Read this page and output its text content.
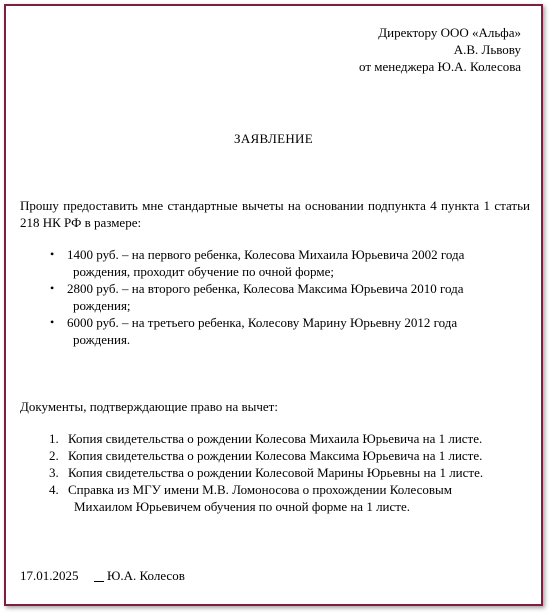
Директору ООО «Альфа»
А.В. Львову
от менеджера Ю.А. Колесова
ЗАЯВЛЕНИЕ
Прошу предоставить мне стандартные вычеты на основании подпункта 4 пункта 1 статьи 218 НК РФ в размере:
• 1400 руб. – на первого ребенка, Колесова Михаила Юрьевича 2002 года
рождения, проходит обучение по очной форме;
• 2800 руб. – на второго ребенка, Колесова Максима Юрьевича 2010 года
рождения;
• 6000 руб. – на третьего ребенка, Колесову Марину Юрьевну 2012 года
рождения.
Документы, подтверждающие право на вычет:
1. Копия свидетельства о рождении Колесова Михаила Юрьевича на 1 листе.
2. Копия свидетельства о рождении Колесова Максима Юрьевича на 1 листе.
3. Копия свидетельства о рождении Колесовой Марины Юрьевны на 1 листе.
4. Справка из МГУ имени М.В. Ломоносова о прохождении Колесовым
Михаилом Юрьевичем обучения по очной форме на 1 листе.
17.01.2025 Ю.А. Колесов
